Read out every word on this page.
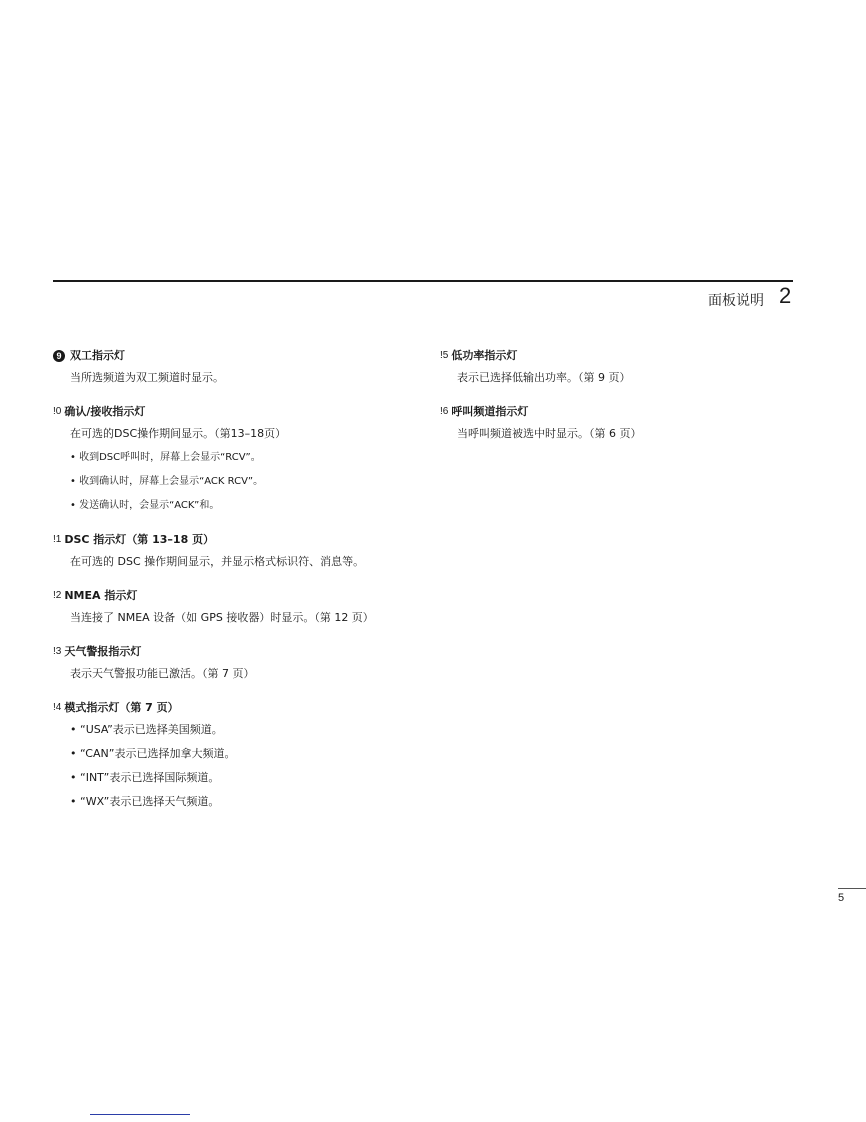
面板说明 2
9 双工指示灯
当所选频道为双工频道时显示。
!0 确认/接收指示灯
在可选的DSC操作期间显示。（第13–18页）
• 收到DSC呼叫时，屏幕上会显示“RCV”。
• 收到确认时，屏幕上会显示“ACK RCV”。
• 发送确认时，会显示“ACK”和。
!1 DSC 指示灯（第 13–18 页）
在可选的 DSC 操作期间显示，并显示格式标识符、消息等。
!2 NMEA 指示灯
当连接了 NMEA 设备（如 GPS 接收器）时显示。（第 12 页）
!3 天气警报指示灯
表示天气警报功能已激活。（第 7 页）
!4 模式指示灯（第 7 页）
• “USA”表示已选择美国频道。
• “CAN”表示已选择加拿大频道。
• “INT”表示已选择国际频道。
• “WX”表示已选择天气频道。
!5 低功率指示灯
表示已选择低输出功率。（第 9 页）
!6 呼叫频道指示灯
当呼叫频道被选中时显示。（第 6 页）
5
